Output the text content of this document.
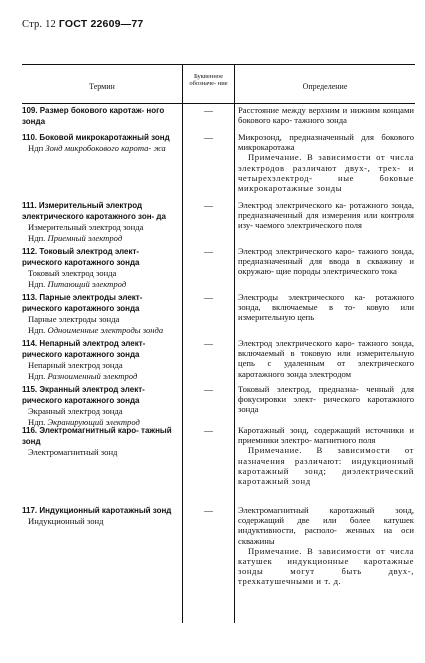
Стр. 12 ГОСТ 22609—77
Термин
Буквенное обозначе- ние	Определение
109. Размер бокового каротаж- ного зонда
—	Расстояние между верхним и нижним концами бокового каро- тажного зонда
110. Боковой микрокаротажный зонд
Ндп Зонд микробокового карота- жа
—	Микрозонд, предназначенный для бокового микрокаротажа
Примечание. В зависимости от числа электродов различают двух-, трех- и четырехэлектрод- ные боковые микрокаротажные зонды
111. Измерительный электрод электрического каротажного зон- да
Измерительный электрод зонда
Ндп. Приемный электрод
—	Электрод электрического ка- ротажного зонда, предназначенный для измерения или контроля изу- чаемого электрического поля
112. Токовый электрод элект- рического каротажного зонда
Токовый электрод зонда
Ндп. Питающий электрод
—	Электрод электрического каро- тажного зонда, предназначенный для ввода в скважину и окружаю- щие породы электрического тока
113. Парные электроды элект- рического каротажного зонда
Парные электроды зонда
Ндп. Одноименные электроды зонда
—	Электроды электрического ка- ротажного зонда, включаемые в то- ковую или измерительную цепь
114. Непарный электрод элект- рического каротажного зонда
Непарный электрод зонда
Ндп. Разноименный электрод
—	Электрод электрического каро- тажного зонда, включаемый в токовую или измерительную цепь с удаленным от электрического каротажного зонда электродом
115. Экранный электрод элект- рического каротажного зонда
Экранный электрод зонда
Ндп. Экранирующий электрод
—	Токовый электрод, предназна- ченный для фокусировки элект- рического каротажного зонда
116. Электромагнитный каро- тажный зонд
Электромагнитный зонд
—	Каротажный зонд, содержащий источники и приемники электро- магнитного поля
Примечание. В зависимости от назначения различают: индукционный каротажный зонд; диэлектрический каротажный зонд
117. Индукционный каротажный зонд
Индукционный зонд
—	Электромагнитный каротажный зонд, содержащий две или более катушек индуктивности, располо- женных на оси скважины
Примечание. В зависимости от числа катушек индукционные каротажные зонды могут быть двух-, трехкатушечными и т. д.
